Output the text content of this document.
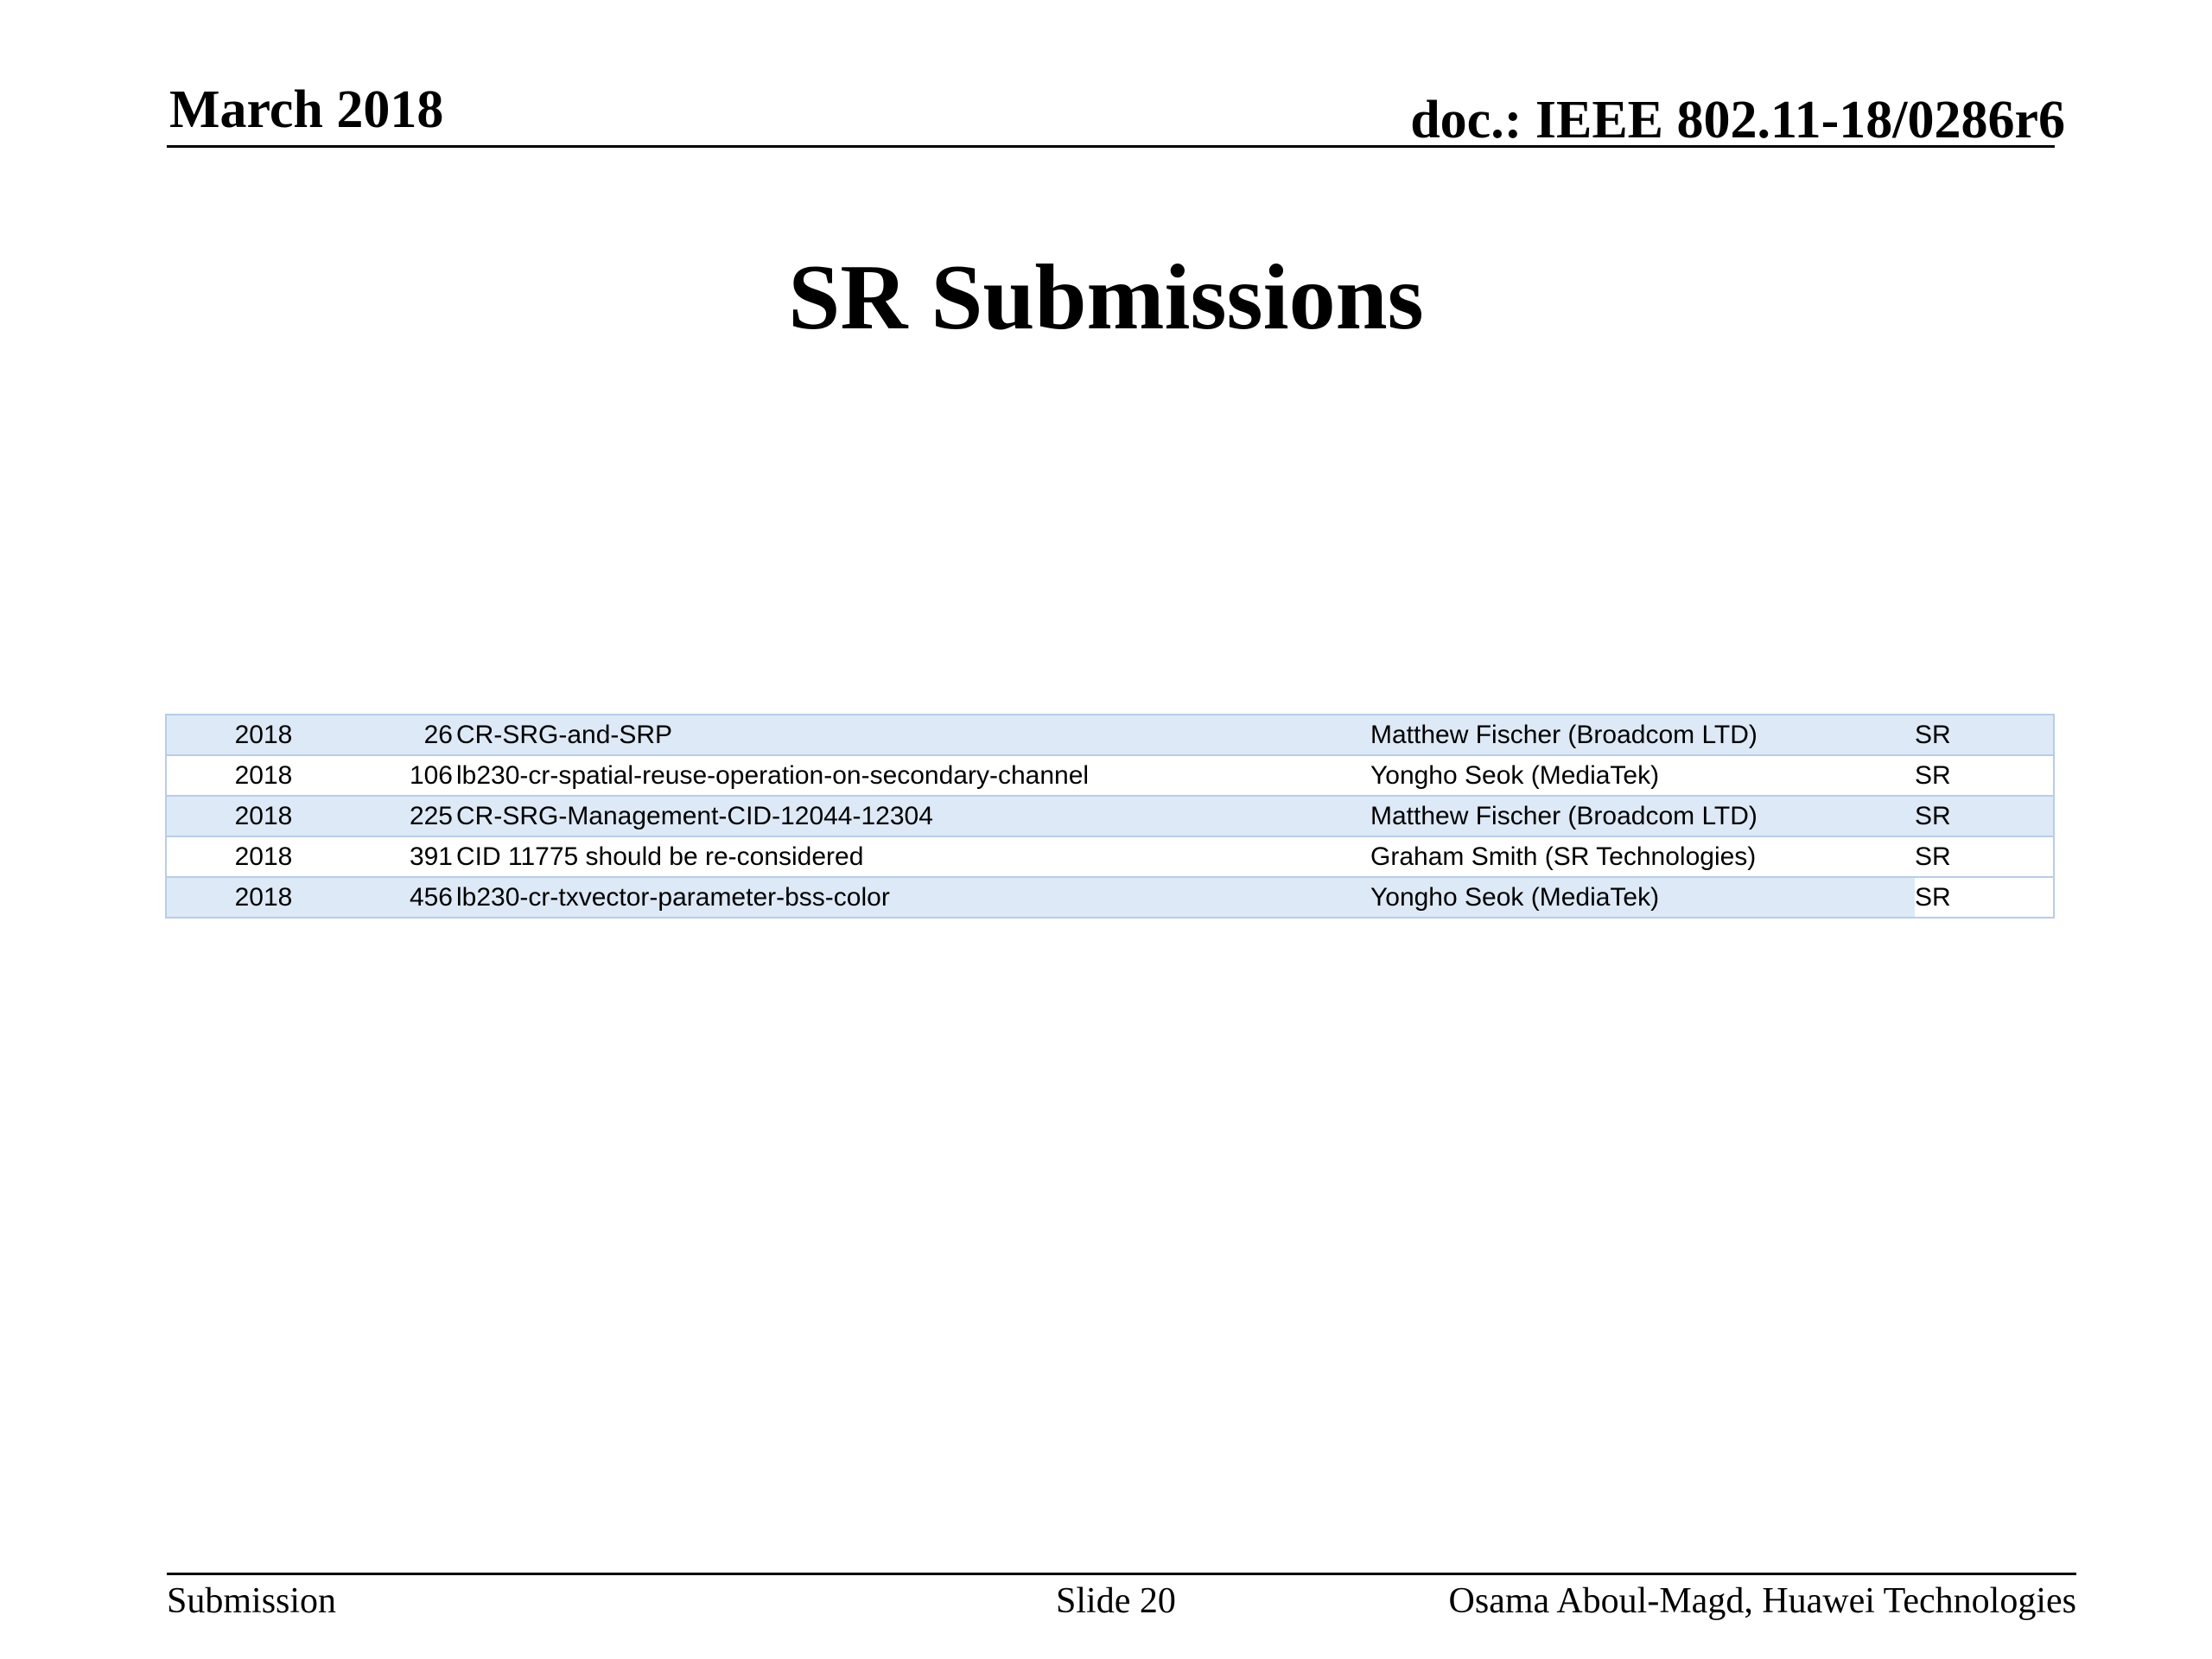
March 2018	doc.: IEEE 802.11-18/0286r6
SR Submissions
2018	26	CR-SRG-and-SRP	Matthew Fischer (Broadcom LTD)	SR
2018	106	lb230-cr-spatial-reuse-operation-on-secondary-channel	Yongho Seok (MediaTek)	SR
2018	225	CR-SRG-Management-CID-12044-12304	Matthew Fischer (Broadcom LTD)	SR
2018	391	CID 11775 should be re-considered	Graham Smith (SR Technologies)	SR
2018	456	lb230-cr-txvector-parameter-bss-color	Yongho Seok (MediaTek)	SR
Submission	Slide 20	Osama Aboul-Magd, Huawei Technologies
